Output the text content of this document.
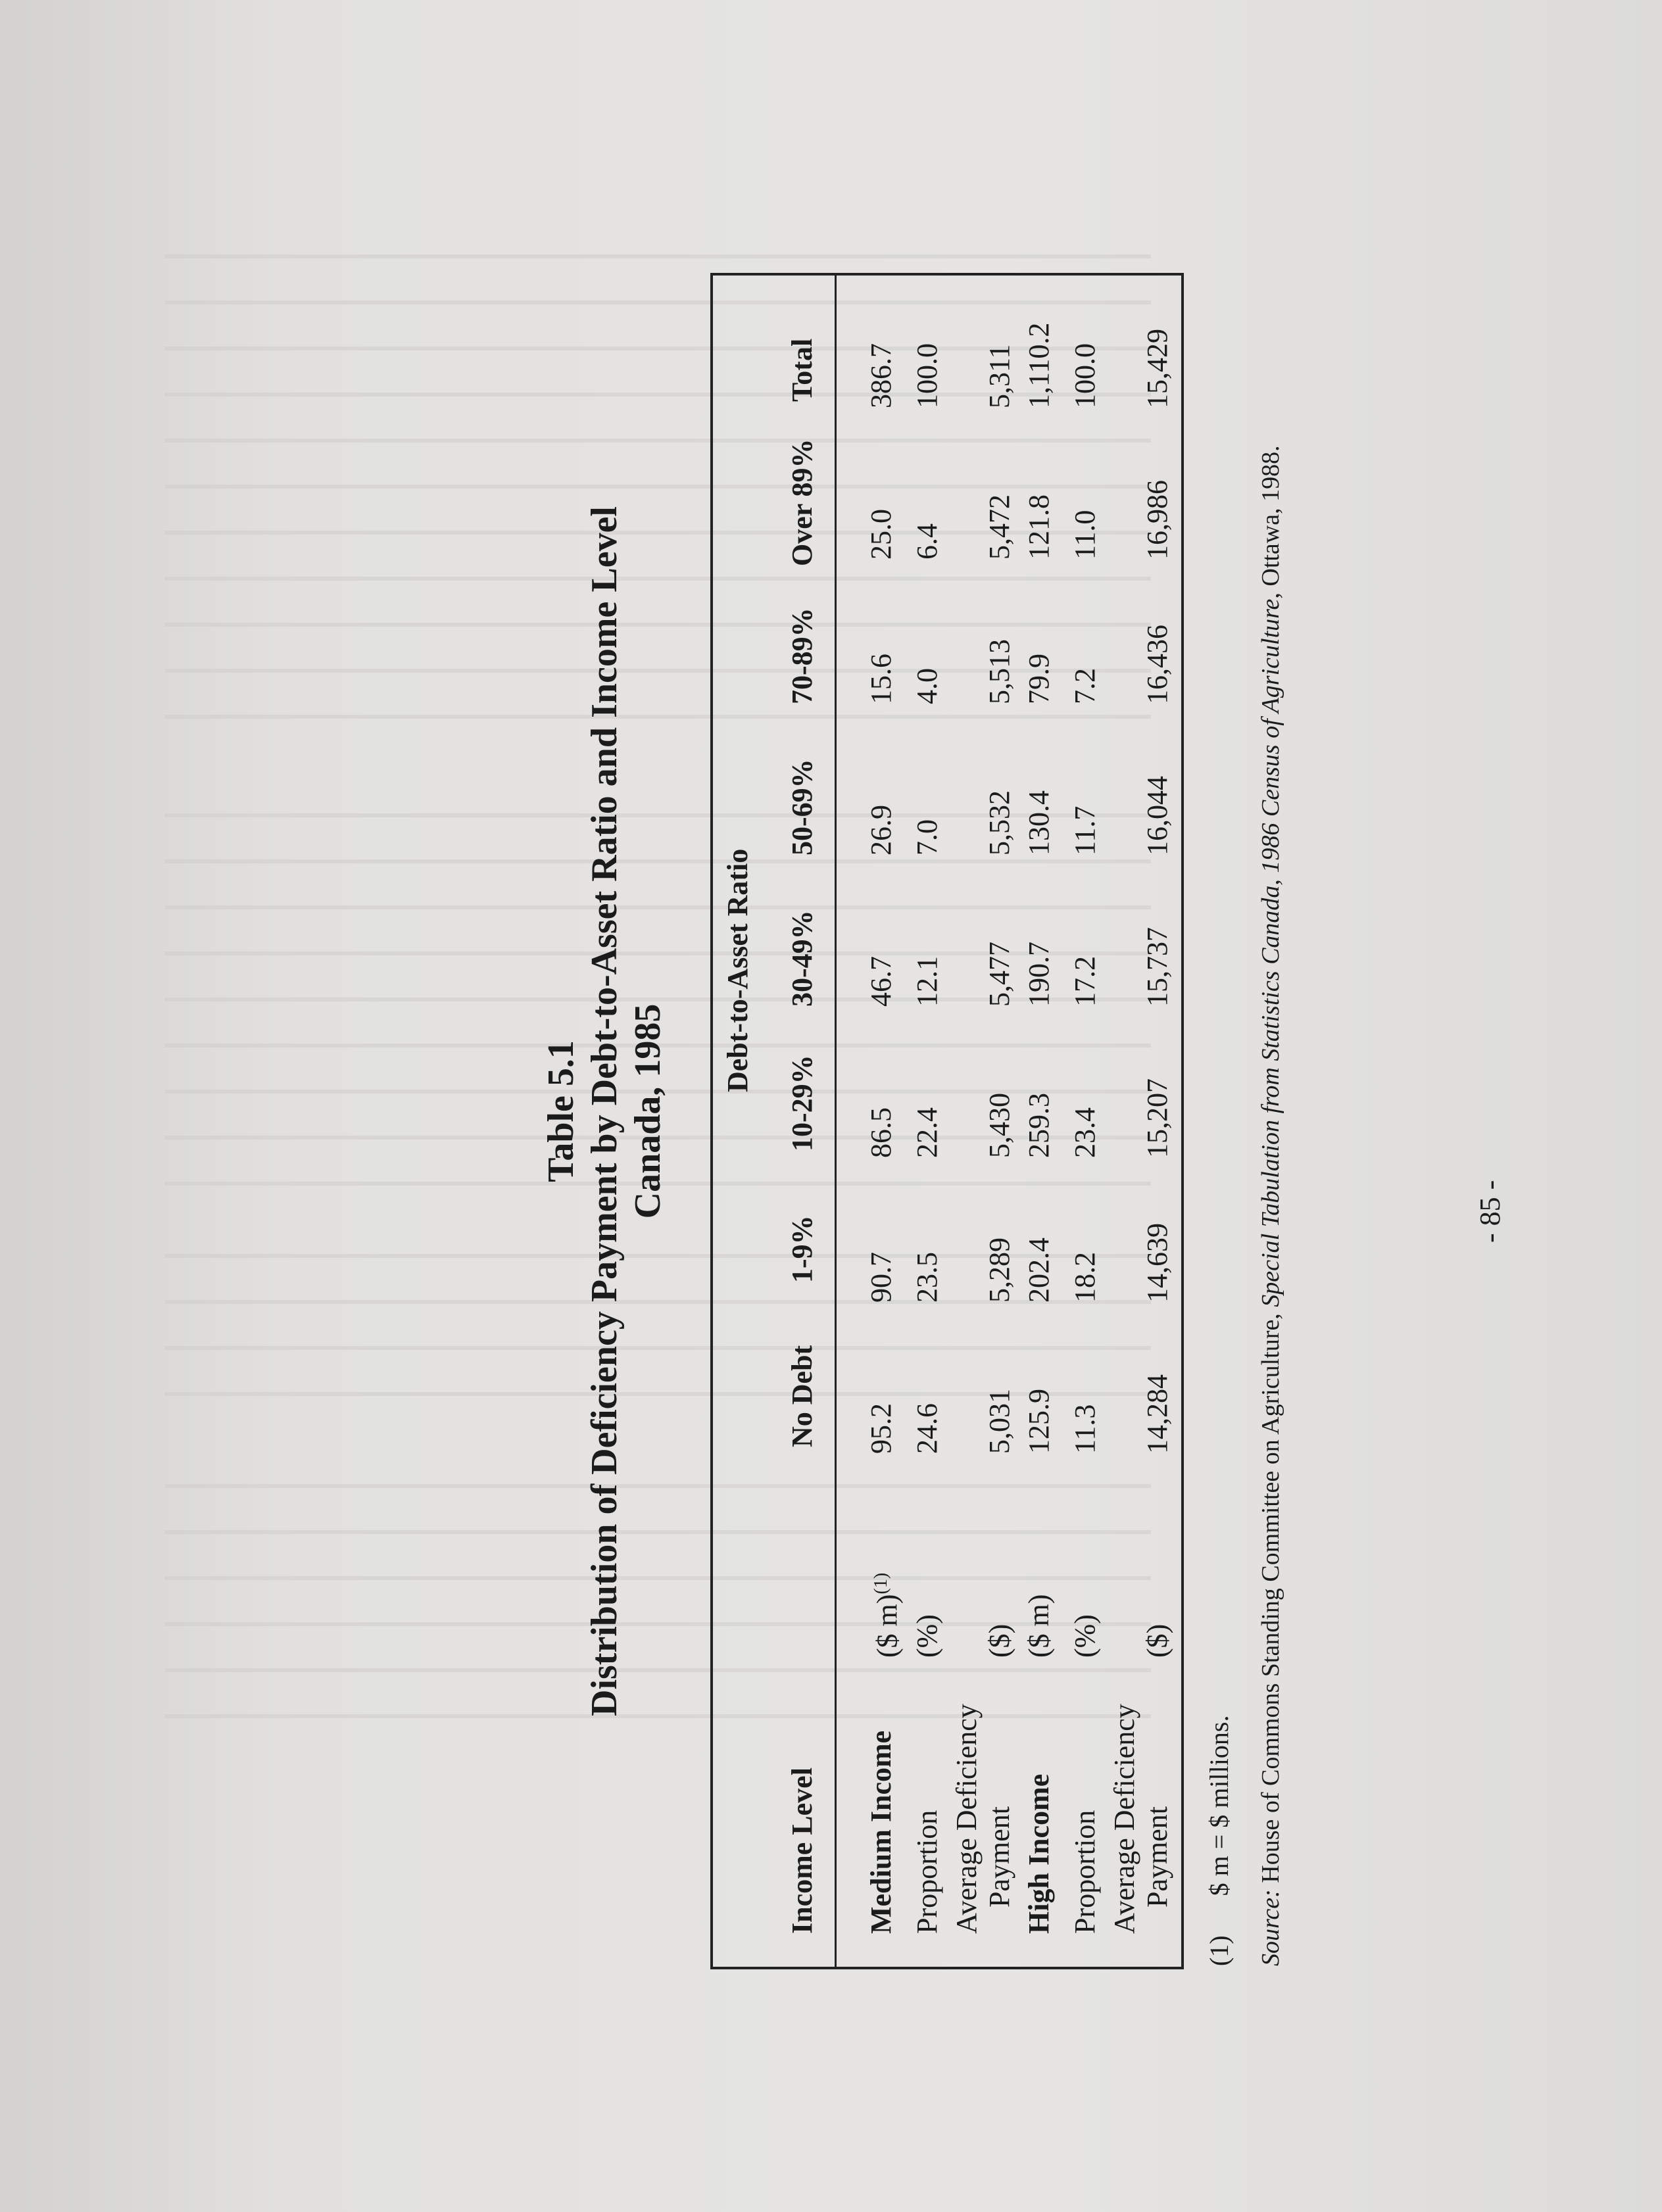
Table 5.1 Distribution of Deficiency Payment by Debt-to-Asset Ratio and Income Level Canada, 1985
Debt-to-Asset Ratio
Income Level
No Debt
1-9%
10-29%
30-49%
50-69%
70-89%
Over 89%
Total
Medium Income
($ m)$^{(1)}$
95.2
90.7
86.5
46.7
26.9
15.6
25.0
386.7
Proportion
(%)
24.6
23.5
22.4
12.1
7.0
4.0
6.4
100.0
Average Deficiency Payment
($)
5,031
5,289
5,430
5,477
5,532
5,513
5,472
5,311
High Income
($ m)
125.9
202.4
259.3
190.7
130.4
79.9
121.8
1,110.2
Proportion
(%)
11.3
18.2
23.4
17.2
11.7
7.2
11.0
100.0
Average Deficiency Payment
($)
14,284
14,639
15,207
15,737
16,044
16,436
16,986
15,429
(1)  $ m = $ millions.
Source: House of Commons Standing Committee on Agriculture, Special Tabulation from Statistics Canada, 1986 Census of Agriculture, Ottawa, 1988.
- 85 -
